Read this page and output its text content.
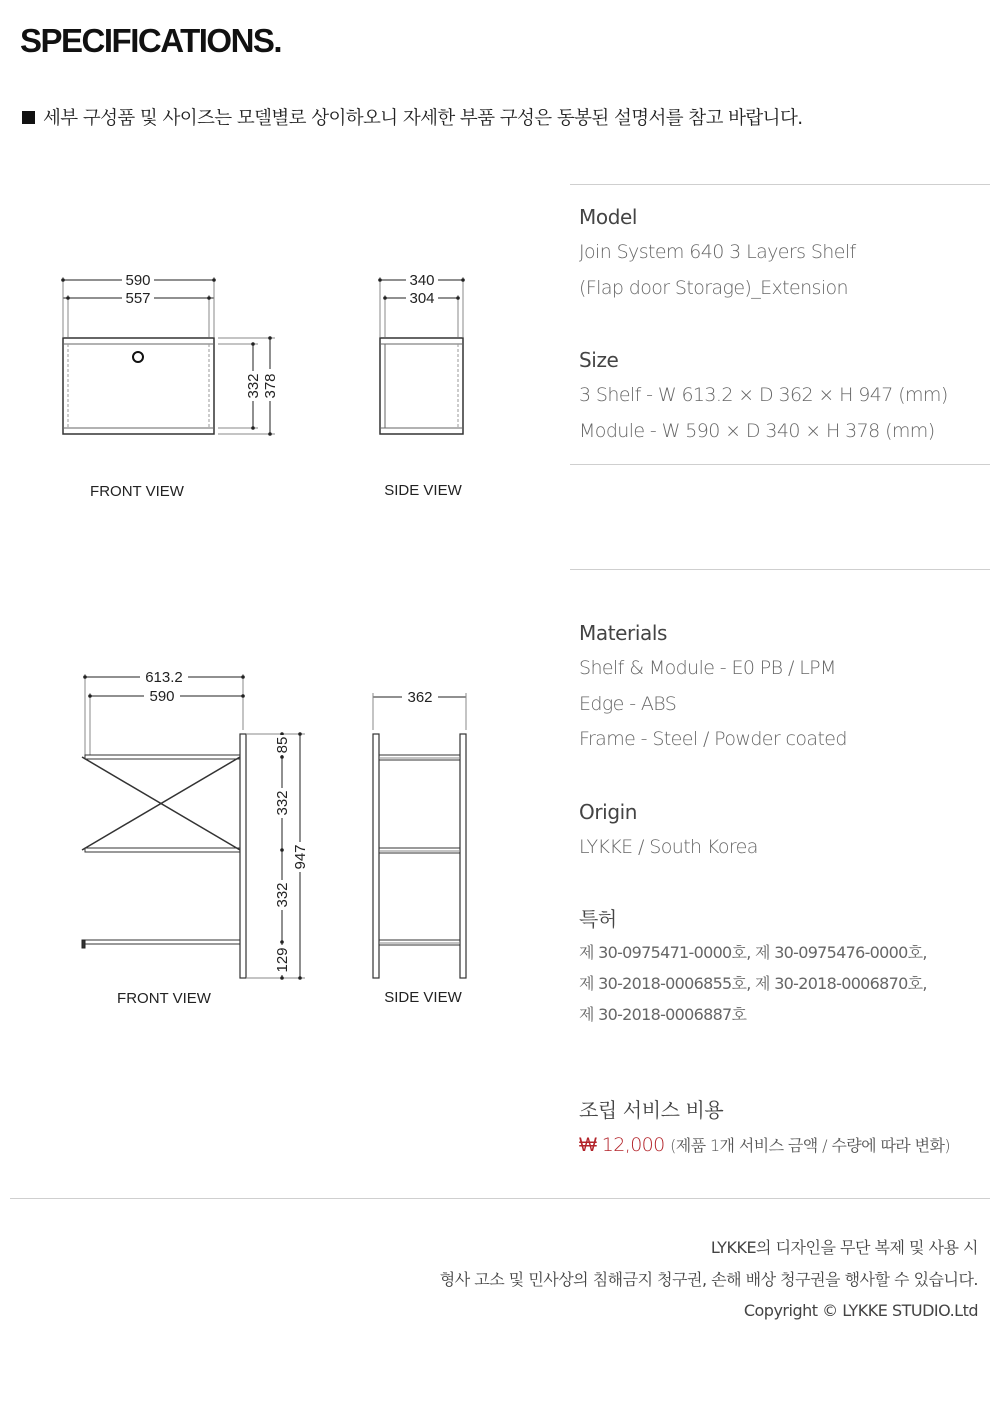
SPECIFICATIONS.
세부 구성품 및 사이즈는 모델별로 상이하오니 자세한 부품 구성은 동봉된 설명서를 참고 바랍니다.
590
557
340
304
332 378
FRONT VIEW	SIDE VIEW
613.2
590	362
85
332
332
129
947
FRONT VIEW	SIDE VIEW
Model
Join System 640 3 Layers Shelf
(Flap door Storage)_Extension
Size
3 Shelf - W 613.2 × D 362 × H 947 (mm)
Module - W 590 × D 340 × H 378 (mm)
Materials
Shelf & Module - E0 PB / LPM
Edge - ABS
Frame - Steel / Powder coated
Origin
LYKKE / South Korea
특허
제 30-0975471-0000호, 제 30-0975476-0000호,
제 30-2018-0006855호, 제 30-2018-0006870호,
제 30-2018-0006887호
조립 서비스 비용
₩ 12,000 (제품 1개 서비스 금액 / 수량에 따라 변화)
LYKKE의 디자인을 무단 복제 및 사용 시
형사 고소 및 민사상의 침해금지 청구권, 손해 배상 청구권을 행사할 수 있습니다.
Copyright © LYKKE STUDIO.Ltd
